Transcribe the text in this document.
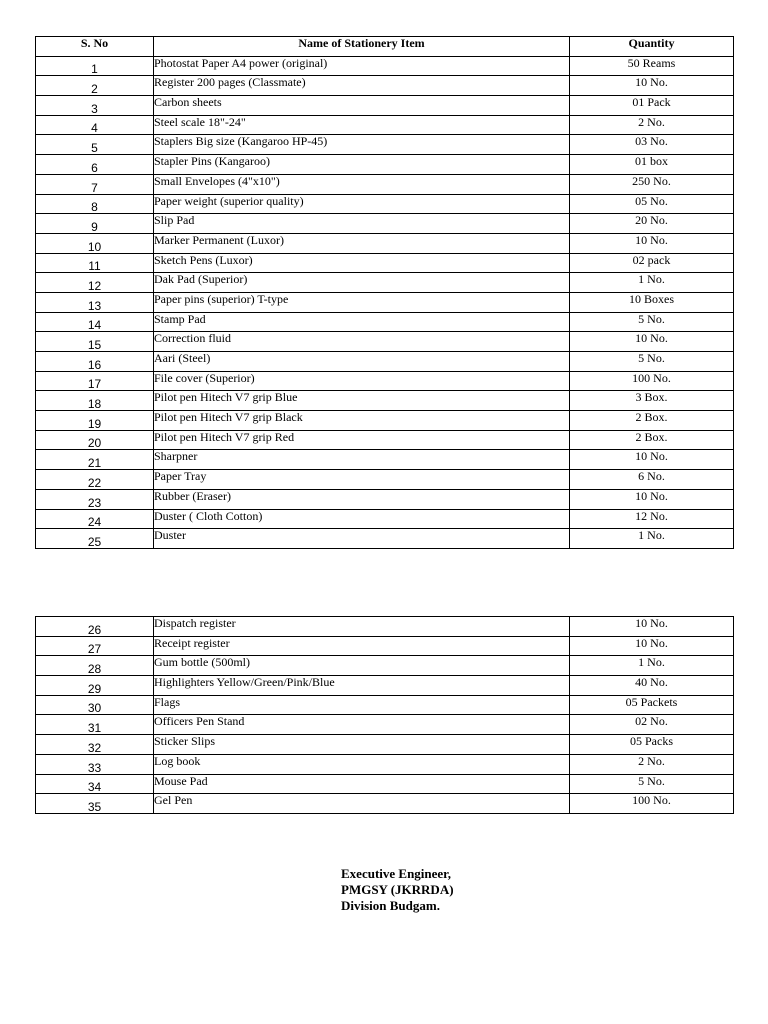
S. No	Name of Stationery Item	Quantity
1	Photostat Paper A4 power (original)	50 Reams
2	Register 200 pages (Classmate)	10 No.
3	Carbon sheets	01 Pack
4	Steel scale 18"-24"	2 No.
5	Staplers Big size (Kangaroo HP-45)	03 No.
6	Stapler Pins (Kangaroo)	01 box
7	Small Envelopes (4"x10")	250 No.
8	Paper weight (superior quality)	05 No.
9	Slip Pad	20 No.
10	Marker Permanent (Luxor)	10 No.
11	Sketch Pens (Luxor)	02 pack
12	Dak Pad (Superior)	1 No.
13	Paper pins (superior) T-type	10 Boxes
14	Stamp Pad	5 No.
15	Correction fluid	10 No.
16	Aari (Steel)	5 No.
17	File cover (Superior)	100 No.
18	Pilot pen Hitech V7 grip Blue	3 Box.
19	Pilot pen Hitech V7 grip Black	2 Box.
20	Pilot pen Hitech V7 grip Red	2 Box.
21	Sharpner	10 No.
22	Paper Tray	6 No.
23	Rubber (Eraser)	10 No.
24	Duster ( Cloth Cotton)	12 No.
25	Duster	1 No.
26	Dispatch register	10 No.
27	Receipt register	10 No.
28	Gum bottle (500ml)	1 No.
29	Highlighters Yellow/Green/Pink/Blue	40 No.
30	Flags	05 Packets
31	Officers Pen Stand	02 No.
32	Sticker Slips	05 Packs
33	Log book	2 No.
34	Mouse Pad	5 No.
35	Gel Pen	100 No.
Executive Engineer,
PMGSY (JKRRDA)
Division Budgam.
